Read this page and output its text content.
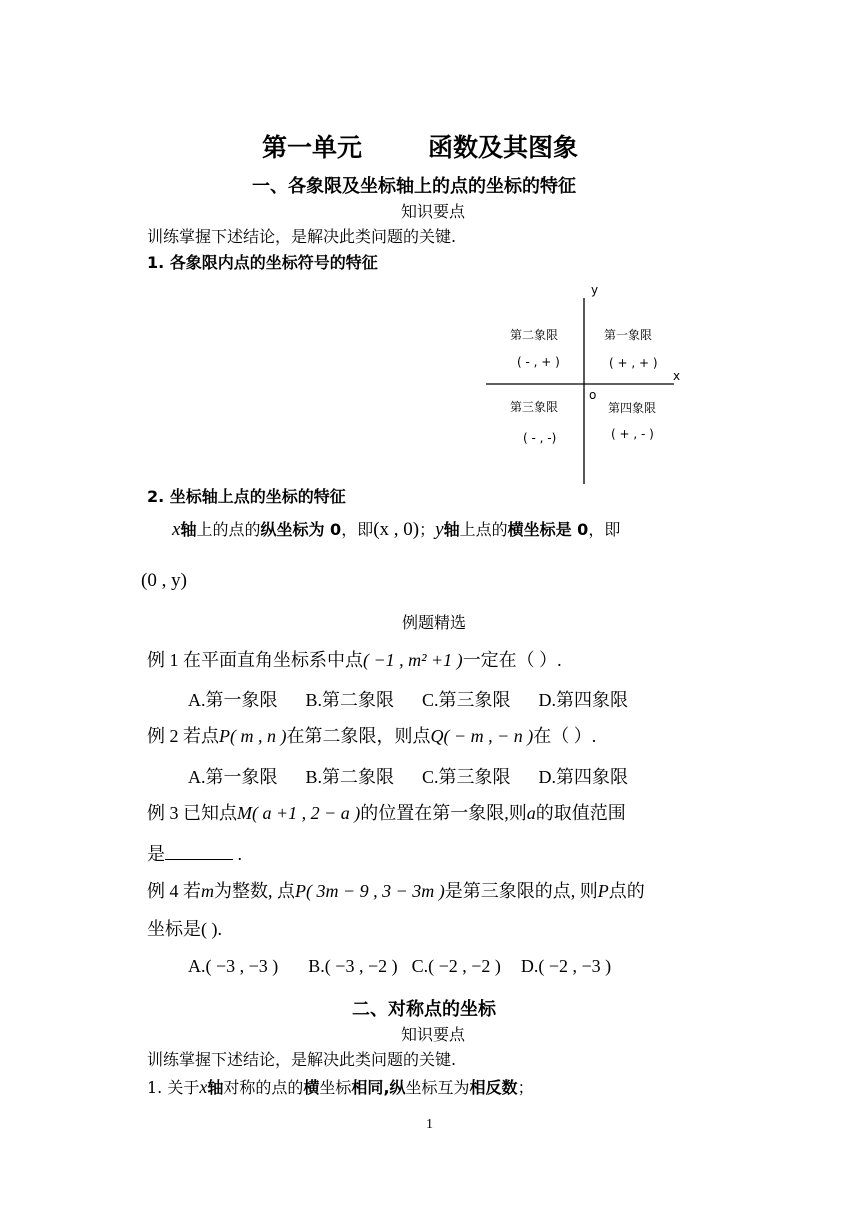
第一单元	函数及其图象
一、各象限及坐标轴上的点的坐标的特征
知识要点
训练掌握下述结论，是解决此类问题的关键.
1. 各象限内点的坐标符号的特征
y
x
o
第二象限
( - , + )
第一象限
( + , + )
第三象限
( - , -)
第四象限
( + , - )
2. 坐标轴上点的坐标的特征
x轴上的点的纵坐标为 0，即(x , 0)；y轴上点的横坐标是 0，即
(0 , y)
例题精选
例 1 在平面直角坐标系中点( −1 , m² +1 )一定在（ ）.
A.第一象限 B.第二象限 C.第三象限 D.第四象限
例 2 若点P( m , n )在第二象限，则点Q( − m , − n )在（ ）.
A.第一象限 B.第二象限 C.第三象限 D.第四象限
例 3 已知点M( a +1 , 2 − a )的位置在第一象限,则a的取值范围
是	.
例 4 若m为整数, 点P( 3m − 9 , 3 − 3m )是第三象限的点, 则P点的
坐标是( ).
A.( −3 , −3 ) B.( −3 , −2 ) C.( −2 , −2 ) D.( −2 , −3 )
二、对称点的坐标
知识要点
训练掌握下述结论，是解决此类问题的关键.
1. 关于x轴对称的点的横坐标相同,纵坐标互为相反数；
1
